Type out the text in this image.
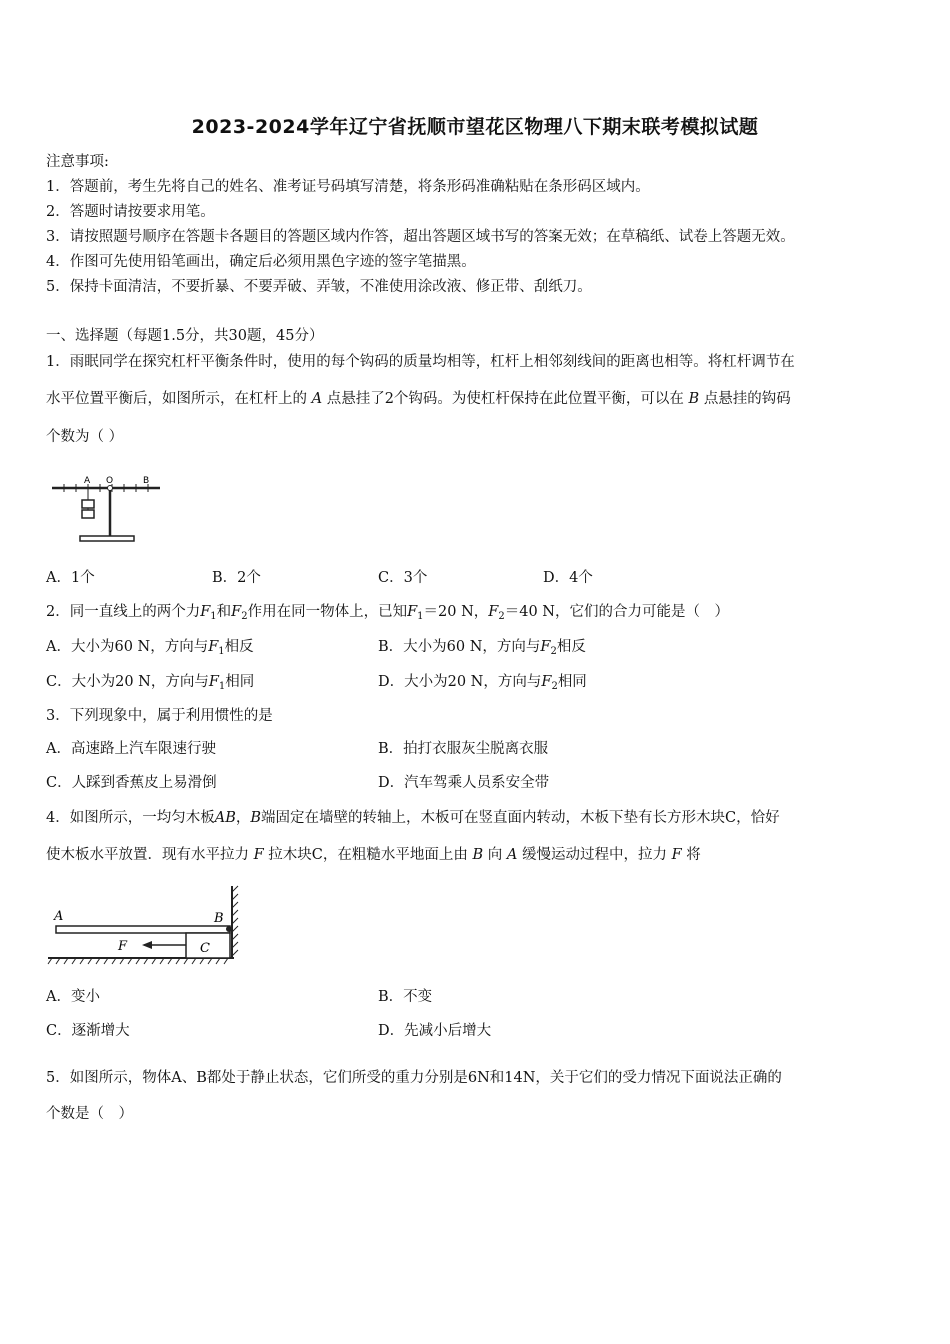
2023-2024学年辽宁省抚顺市望花区物理八下期末联考模拟试题
注意事项:
1．答题前，考生先将自己的姓名、准考证号码填写清楚，将条形码准确粘贴在条形码区域内。
2．答题时请按要求用笔。
3．请按照题号顺序在答题卡各题目的答题区域内作答，超出答题区域书写的答案无效；在草稿纸、试卷上答题无效。
4．作图可先使用铅笔画出，确定后必须用黑色字迹的签字笔描黑。
5．保持卡面清洁，不要折暴、不要弄破、弄皱，不准使用涂改液、修正带、刮纸刀。
一、选择题（每题1.5分，共30题，45分）
1．雨眠同学在探究杠杆平衡条件时，使用的每个钩码的质量均相等，杠杆上相邻刻线间的距离也相等。将杠杆调节在
水平位置平衡后，如图所示，在杠杆上的 A 点悬挂了2个钩码。为使杠杆保持在此位置平衡，可以在 B 点悬挂的钩码
个数为（ ）
A O	B
A．1个	B．2个	C．3个	D．4个
2．同一直线上的两个力$F_1$和$F_2$作用在同一物体上，已知$F_1=20$ N，$F_2=40$ N，它们的合力可能是（　）
A．大小为60 N，方向与$F_1$相反	B．大小为60 N，方向与$F_2$相反
C．大小为20 N，方向与$F_1$相同	D．大小为20 N，方向与$F_2$相同
3．下列现象中，属于利用惯性的是
A．高速路上汽车限速行驶	B．拍打衣服灰尘脱离衣服
C．人踩到香蕉皮上易滑倒	D．汽车驾乘人员系安全带
4．如图所示，一均匀木板AB，B端固定在墙壁的转轴上，木板可在竖直面内转动，木板下垫有长方形木块C，恰好
使木板水平放置．现有水平拉力 F 拉木块C，在粗糙水平地面上由 B 向 A 缓慢运动过程中，拉力 F 将
A	B
C
F
A．变小	B．不变
C．逐渐增大	D．先减小后增大
5．如图所示，物体A、B都处于静止状态，它们所受的重力分别是6N和14N，关于它们的受力情况下面说法正确的
个数是（　）
